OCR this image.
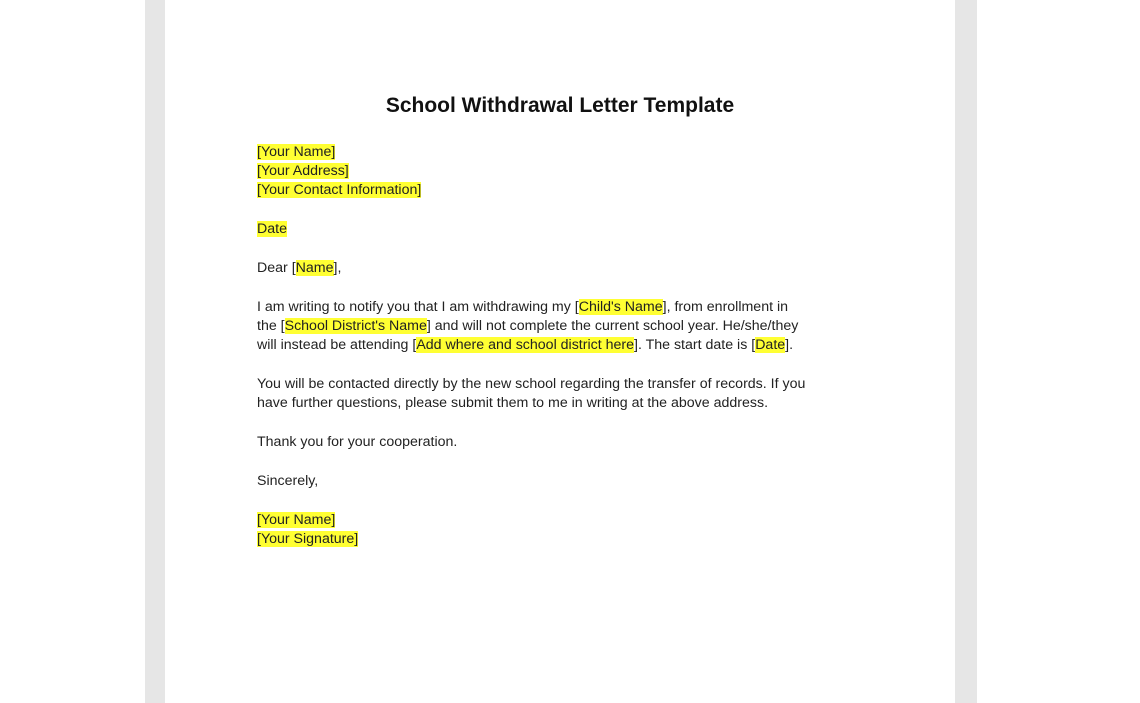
School Withdrawal Letter Template

[Your Name]
[Your Address]
[Your Contact Information]

Date

Dear [Name],

I am writing to notify you that I am withdrawing my [Child's Name], from enrollment in
the [School District's Name] and will not complete the current school year. He/she/they
will instead be attending [Add where and school district here]. The start date is [Date].

You will be contacted directly by the new school regarding the transfer of records. If you
have further questions, please submit them to me in writing at the above address.

Thank you for your cooperation.

Sincerely,

[Your Name]
[Your Signature]
